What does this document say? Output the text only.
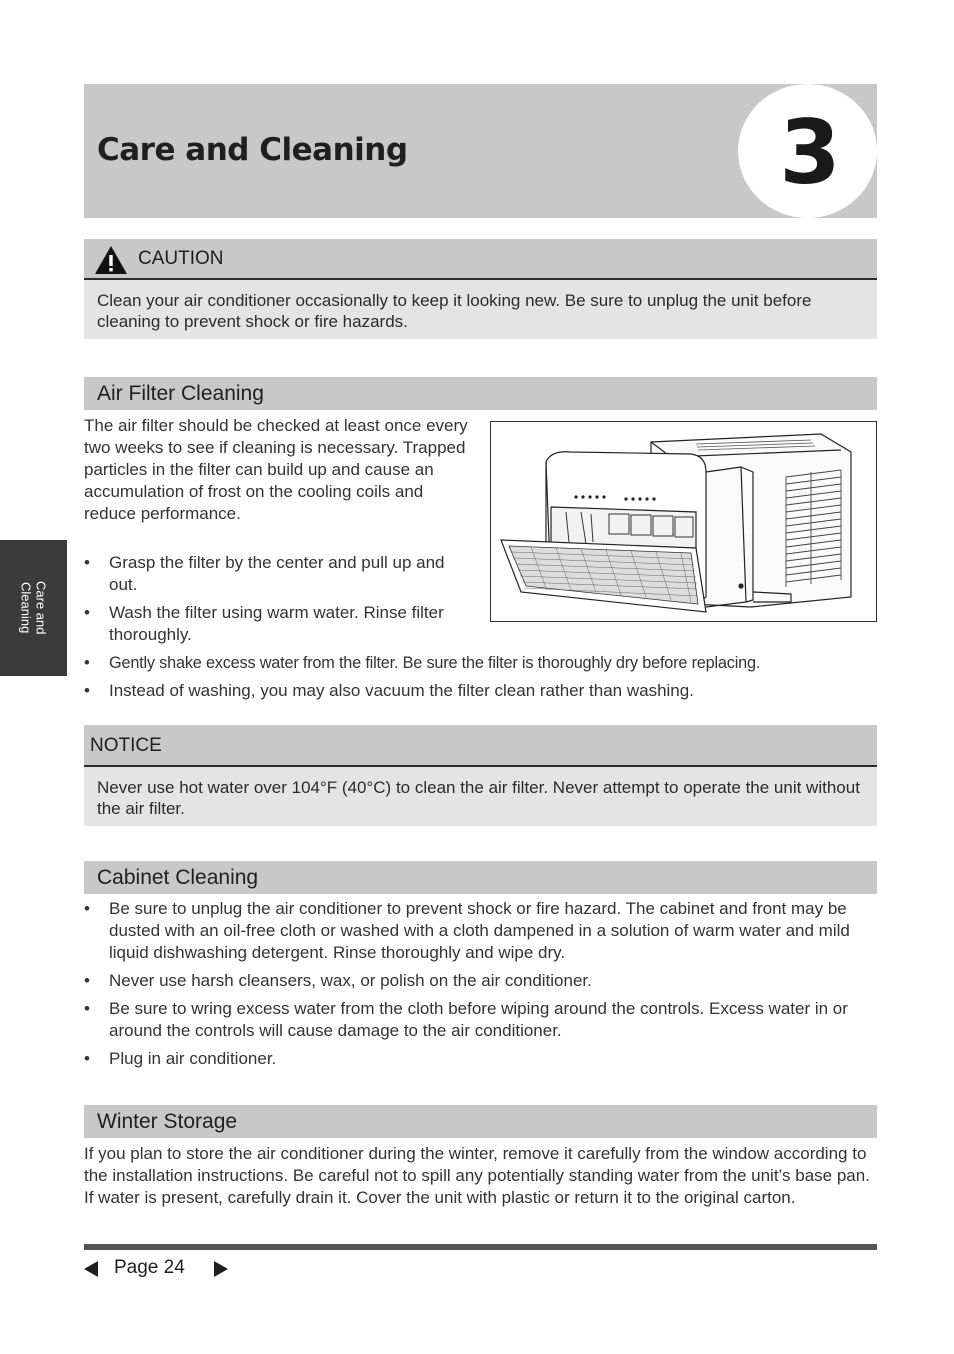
Care and Cleaning	3
CAUTION
Clean your air conditioner occasionally to keep it looking new. Be sure to unplug the unit before cleaning to prevent shock or fire hazards.
Air Filter Cleaning
The air filter should be checked at least once every two weeks to see if cleaning is necessary. Trapped particles in the filter can build up and cause an accumulation of frost on the cooling coils and reduce performance.
• Grasp the filter by the center and pull up and out.
• Wash the filter using warm water. Rinse filter thoroughly.
• Gently shake excess water from the filter. Be sure the filter is thoroughly dry before replacing.
• Instead of washing, you may also vacuum the filter clean rather than washing.
NOTICE
Never use hot water over 104°F (40°C) to clean the air filter. Never attempt to operate the unit without the air filter.
Cabinet Cleaning
• Be sure to unplug the air conditioner to prevent shock or fire hazard. The cabinet and front may be dusted with an oil-free cloth or washed with a cloth dampened in a solution of warm water and mild liquid dishwashing detergent. Rinse thoroughly and wipe dry.
• Never use harsh cleansers, wax, or polish on the air conditioner.
• Be sure to wring excess water from the cloth before wiping around the controls. Excess water in or around the controls will cause damage to the air conditioner.
• Plug in air conditioner.
Winter Storage
If you plan to store the air conditioner during the winter, remove it carefully from the window according to the installation instructions. Be careful not to spill any potentially standing water from the unit’s base pan. If water is present, carefully drain it. Cover the unit with plastic or return it to the original carton.
Care and
Cleaning
Page 24
